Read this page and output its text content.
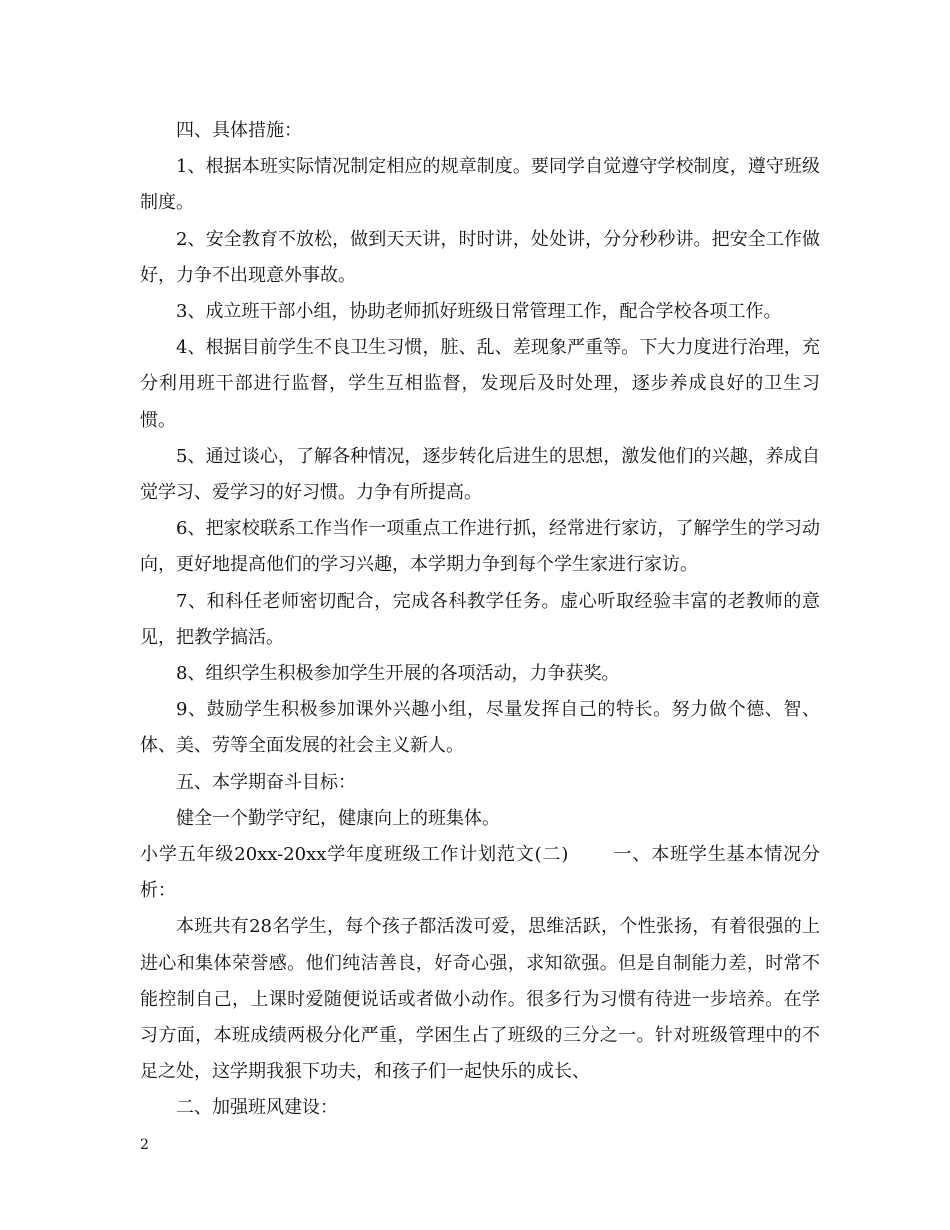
四、具体措施：

1、根据本班实际情况制定相应的规章制度。要同学自觉遵守学校制度，遵守班级制度。

2、安全教育不放松，做到天天讲，时时讲，处处讲，分分秒秒讲。把安全工作做好，力争不出现意外事故。

3、成立班干部小组，协助老师抓好班级日常管理工作，配合学校各项工作。

4、根据目前学生不良卫生习惯，脏、乱、差现象严重等。下大力度进行治理，充分利用班干部进行监督，学生互相监督，发现后及时处理，逐步养成良好的卫生习惯。

5、通过谈心，了解各种情况，逐步转化后进生的思想，激发他们的兴趣，养成自觉学习、爱学习的好习惯。力争有所提高。

6、把家校联系工作当作一项重点工作进行抓，经常进行家访，了解学生的学习动向，更好地提高他们的学习兴趣，本学期力争到每个学生家进行家访。

7、和科任老师密切配合，完成各科教学任务。虚心听取经验丰富的老教师的意见，把教学搞活。

8、组织学生积极参加学生开展的各项活动，力争获奖。

9、鼓励学生积极参加课外兴趣小组，尽量发挥自己的特长。努力做个德、智、体、美、劳等全面发展的社会主义新人。

五、本学期奋斗目标：

健全一个勤学守纪，健康向上的班集体。

小学五年级20xx-20xx学年度班级工作计划范文(二)　　 一、本班学生基本情况分析：

本班共有28名学生，每个孩子都活泼可爱，思维活跃，个性张扬，有着很强的上进心和集体荣誉感。他们纯洁善良，好奇心强，求知欲强。但是自制能力差，时常不能控制自己，上课时爱随便说话或者做小动作。很多行为习惯有待进一步培养。在学习方面，本班成绩两极分化严重，学困生占了班级的三分之一。针对班级管理中的不足之处，这学期我狠下功夫，和孩子们一起快乐的成长、

二、加强班风建设：

2
